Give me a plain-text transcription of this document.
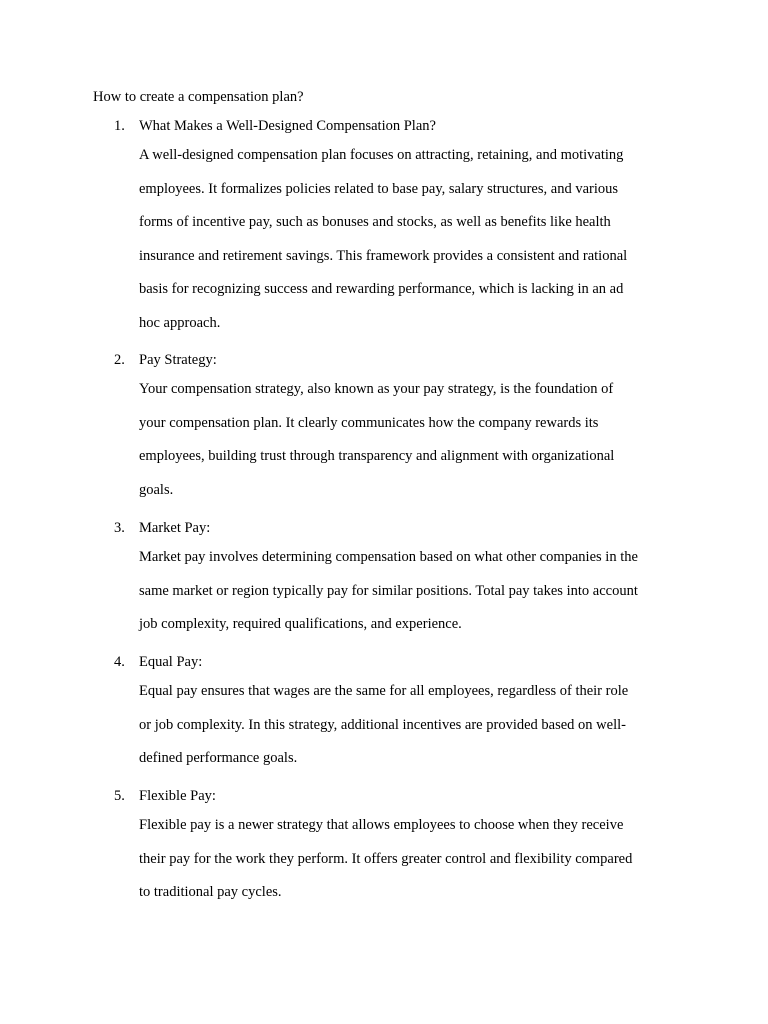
How to create a compensation plan?
1. What Makes a Well-Designed Compensation Plan?
A well-designed compensation plan focuses on attracting, retaining, and motivating
employees. It formalizes policies related to base pay, salary structures, and various
forms of incentive pay, such as bonuses and stocks, as well as benefits like health
insurance and retirement savings. This framework provides a consistent and rational
basis for recognizing success and rewarding performance, which is lacking in an ad
hoc approach.
2. Pay Strategy:
Your compensation strategy, also known as your pay strategy, is the foundation of
your compensation plan. It clearly communicates how the company rewards its
employees, building trust through transparency and alignment with organizational
goals.
3. Market Pay:
Market pay involves determining compensation based on what other companies in the
same market or region typically pay for similar positions. Total pay takes into account
job complexity, required qualifications, and experience.
4. Equal Pay:
Equal pay ensures that wages are the same for all employees, regardless of their role
or job complexity. In this strategy, additional incentives are provided based on well-
defined performance goals.
5. Flexible Pay:
Flexible pay is a newer strategy that allows employees to choose when they receive
their pay for the work they perform. It offers greater control and flexibility compared
to traditional pay cycles.
